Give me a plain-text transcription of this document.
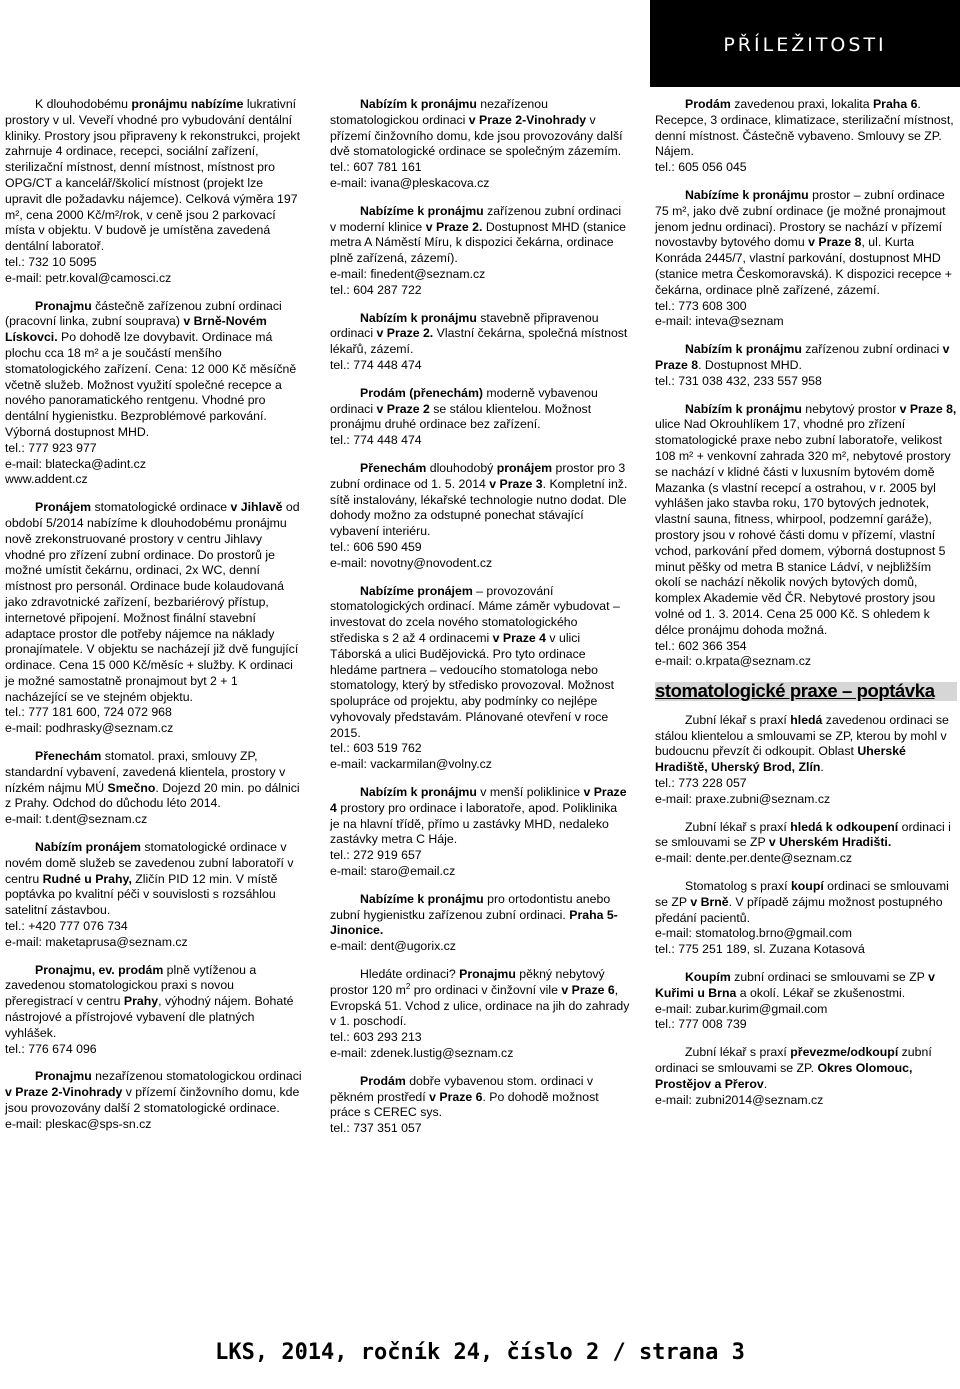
PŘÍLEŽITOSTI

K dlouhodobému pronájmu nabízíme lukrativní prostory v ul. Veveří vhodné pro vybudování dentální kliniky. Prostory jsou připraveny k rekonstrukci, projekt zahrnuje 4 ordinace, recepci, sociální zařízení, sterilizační místnost, denní místnost, místnost pro OPG/CT a kancelář/školicí místnost (projekt lze upravit dle požadavku nájemce). Celková výměra 197 m², cena 2000 Kč/m²/rok, v ceně jsou 2 parkovací místa v objektu. V budově je umístěna zavedená dentální laboratoř.

tel.: 732 10 5095

e-mail: petr.koval@camosci.cz

Pronajmu částečně zařízenou zubní ordinaci (pracovní linka, zubní souprava) v Brně-Novém Lískovci. Po dohodě lze dovybavit. Ordinace má plochu cca 18 m² a je součástí menšího stomatologického zařízení. Cena: 12 000 Kč měsíčně včetně služeb. Možnost využití společné recepce a nového panoramatického rentgenu. Vhodné pro dentální hygienistku. Bezproblémové parkování. Výborná dostupnost MHD.

tel.: 777 923 977

e-mail: blatecka@adint.cz

www.addent.cz

Pronájem stomatologické ordinace v Jihlavě od období 5/2014 nabízíme k dlouhodobému pronájmu nově zrekonstruované prostory v centru Jihlavy vhodné pro zřízení zubní ordinace. Do prostorů je možné umístit čekárnu, ordinaci, 2x WC, denní místnost pro personál. Ordinace bude kolaudovaná jako zdravotnické zařízení, bezbariérový přístup, internetové připojení. Možnost finální stavební adaptace prostor dle potřeby nájemce na náklady pronajímatele. V objektu se nacházejí již dvě fungující ordinace. Cena 15 000 Kč/měsíc + služby. K ordinaci je možné samostatně pronajmout byt 2 + 1 nacházející se ve stejném objektu.

tel.: 777 181 600, 724 072 968

e-mail: podhrasky@seznam.cz

Přenechám stomatol. praxi, smlouvy ZP, standardní vybavení, zavedená klientela, prostory v nízkém nájmu MÚ Smečno. Dojezd 20 min. po dálnici z Prahy. Odchod do důchodu léto 2014.

e-mail: t.dent@seznam.cz

Nabízím pronájem stomatologické ordinace v novém domě služeb se zavedenou zubní laboratoří v centru Rudné u Prahy, Zličín PID 12 min. V místě poptávka po kvalitní péči v souvislosti s rozsáhlou satelitní zástavbou.

tel.: +420 777 076 734

e-mail: maketaprusa@seznam.cz

Pronajmu, ev. prodám plně vytíženou a zavedenou stomatologickou praxi s novou přeregistrací v centru Prahy, výhodný nájem. Bohaté nástrojové a přístrojové vybavení dle platných vyhlášek.

tel.: 776 674 096

Pronajmu nezařízenou stomatologickou ordinaci v Praze 2-Vinohrady v přízemí činžovního domu, kde jsou provozovány další 2 stomatologické ordinace.

e-mail: pleskac@sps-sn.cz

Nabízím k pronájmu nezařízenou stomatologickou ordinaci v Praze 2-Vinohrady v přízemí činžovního domu, kde jsou provozovány další dvě stomatologické ordinace se společným zázemím.

tel.: 607 781 161

e-mail: ivana@pleskacova.cz

Nabízíme k pronájmu zařízenou zubní ordinaci v moderní klinice v Praze 2. Dostupnost MHD (stanice metra A Náměstí Míru, k dispozici čekárna, ordinace plně zařízená, zázemí).

e-mail: finedent@seznam.cz

tel.: 604 287 722

Nabízím k pronájmu stavebně připravenou ordinaci v Praze 2. Vlastní čekárna, společná místnost lékařů, zázemí.

tel.: 774 448 474

Prodám (přenechám) moderně vybavenou ordinaci v Praze 2 se stálou klientelou. Možnost pronájmu druhé ordinace bez zařízení.

tel.: 774 448 474

Přenechám dlouhodobý pronájem prostor pro 3 zubní ordinace od 1. 5. 2014 v Praze 3. Kompletní inž. sítě instalovány, lékařské technologie nutno dodat. Dle dohody možno za odstupné ponechat stávající vybavení interiéru.

tel.: 606 590 459

e-mail: novotny@novodent.cz

Nabízíme pronájem – provozování stomatologických ordinací. Máme záměr vybudovat – investovat do zcela nového stomatologického střediska s 2 až 4 ordinacemi v Praze 4 v ulici Táborská a ulici Budějovická. Pro tyto ordinace hledáme partnera – vedoucího stomatologa nebo stomatology, který by středisko provozoval. Možnost spolupráce od projektu, aby podmínky co nejlépe vyhovovaly představám. Plánované otevření v roce 2015.

tel.: 603 519 762

e-mail: vackarmilan@volny.cz

Nabízím k pronájmu v menší poliklinice v Praze 4 prostory pro ordinace i laboratoře, apod. Poliklinika je na hlavní třídě, přímo u zastávky MHD, nedaleko zastávky metra C Háje.

tel.: 272 919 657

e-mail: staro@email.cz

Nabízíme k pronájmu pro ortodontistu anebo zubní hygienistku zařízenou zubní ordinaci. Praha 5-Jinonice.

e-mail: dent@ugorix.cz

Hledáte ordinaci? Pronajmu pěkný nebytový prostor 120 $m^2$ pro ordinaci v činžovní vile v Praze 6, Evropská 51. Vchod z ulice, ordinace na jih do zahrady v 1. poschodí.

tel.: 603 293 213

e-mail: zdenek.lustig@seznam.cz

Prodám dobře vybavenou stom. ordinaci v pěkném prostředí v Praze 6. Po dohodě možnost práce s CEREC sys.

tel.: 737 351 057

Prodám zavedenou praxi, lokalita Praha 6. Recepce, 3 ordinace, klimatizace, sterilizační místnost, denní místnost. Částečně vybaveno. Smlouvy se ZP. Nájem.

tel.: 605 056 045

Nabízíme k pronájmu prostor – zubní ordinace 75 m², jako dvě zubní ordinace (je možné pronajmout jenom jednu ordinaci). Prostory se nachází v přízemí novostavby bytového domu v Praze 8, ul. Kurta Konráda 2445/7, vlastní parkování, dostupnost MHD (stanice metra Českomoravská). K dispozici recepce + čekárna, ordinace plně zařízené, zázemí.

tel.: 773 608 300

e-mail: inteva@seznam

Nabízím k pronájmu zařízenou zubní ordinaci v Praze 8. Dostupnost MHD.

tel.: 731 038 432, 233 557 958

Nabízím k pronájmu nebytový prostor v Praze 8, ulice Nad Okrouhlíkem 17, vhodné pro zřízení stomatologické praxe nebo zubní laboratoře, velikost 108 m² + venkovní zahrada 320 m², nebytové prostory se nachází v klidné části v luxusním bytovém domě Mazanka (s vlastní recepcí a ostrahou, v r. 2005 byl vyhlášen jako stavba roku, 170 bytových jednotek, vlastní sauna, fitness, whirpool, podzemní garáže), prostory jsou v rohové části domu v přízemí, vlastní vchod, parkování před domem, výborná dostupnost 5 minut pěšky od metra B stanice Ládví, v nejbližším okolí se nachází několik nových bytových domů, komplex Akademie věd ČR. Nebytové prostory jsou volné od 1. 3. 2014. Cena 25 000 Kč. S ohledem k délce pronájmu dohoda možná.

tel.: 602 366 354

e-mail: o.krpata@seznam.cz

stomatologické praxe – poptávka

Zubní lékař s praxí hledá zavedenou ordinaci se stálou klientelou a smlouvami se ZP, kterou by mohl v budoucnu převzít či odkoupit. Oblast Uherské Hradiště, Uherský Brod, Zlín.

tel.: 773 228 057

e-mail: praxe.zubni@seznam.cz

Zubní lékař s praxí hledá k odkoupení ordinaci i se smlouvami se ZP v Uherském Hradišti.

e-mail: dente.per.dente@seznam.cz

Stomatolog s praxí koupí ordinaci se smlouvami se ZP v Brně. V případě zájmu možnost postupného předání pacientů.

e-mail: stomatolog.brno@gmail.com

tel.: 775 251 189, sl. Zuzana Kotasová

Koupím zubní ordinaci se smlouvami se ZP v Kuřimi u Brna a okolí. Lékař se zkušenostmi.

e-mail: zubar.kurim@gmail.com

tel.: 777 008 739

Zubní lékař s praxí převezme/odkoupí zubní ordinaci se smlouvami se ZP. Okres Olomouc, Prostějov a Přerov.

e-mail: zubni2014@seznam.cz

LKS, 2014, ročník 24, číslo 2 / strana 3
